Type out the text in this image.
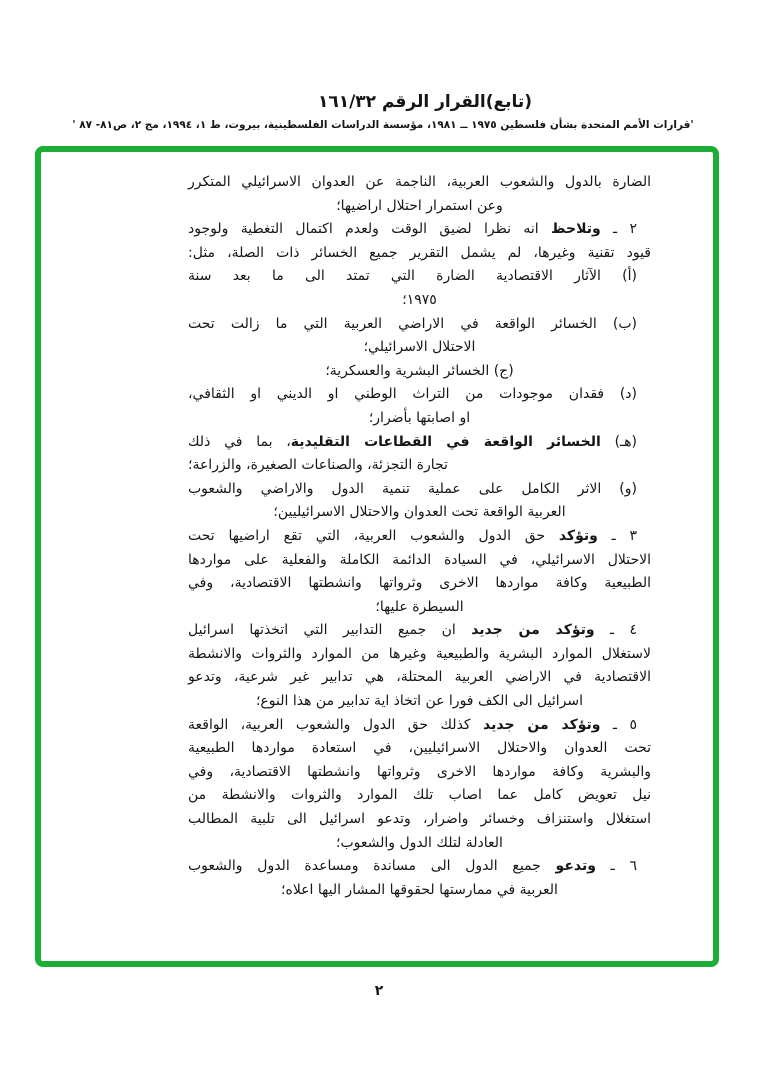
(تابع)القرار الرقم ١٦١/٣٢
'قرارات الأمم المتحدة بشأن فلسطين ١٩٧٥ ــ ١٩٨١، مؤسسة الدراسات الفلسطينية، بيروت، ط ١، ١٩٩٤، مج ٢، ص٨١- ٨٧ '
الضارة بالدول والشعوب العربية، الناجمة عن العدوان الاسرائيلي المتكرر
وعن استمرار احتلال اراضيها؛
٢ ـ وتلاحظ انه نظرا لضيق الوقت ولعدم اكتمال التغطية ولوجود
قيود تقنية وغيرها، لم يشمل التقرير جميع الخسائر ذات الصلة، مثل:
(أ) الآثار الاقتصادية الضارة التي تمتد الى ما بعد سنة
١٩٧٥؛
(ب) الخسائر الواقعة في الاراضي العربية التي ما زالت تحت
الاحتلال الاسرائيلي؛
(ج) الخسائر البشرية والعسكرية؛
(د) فقدان موجودات من التراث الوطني او الديني او الثقافي،
او اصابتها بأضرار؛
(هـ) الخسائر الواقعة في القطاعات التقليدية، بما في ذلك
تجارة التجزئة، والصناعات الصغيرة، والزراعة؛
(و) الاثر الكامل على عملية تنمية الدول والاراضي والشعوب
العربية الواقعة تحت العدوان والاحتلال الاسرائيليين؛
٣ ـ وتؤكد حق الدول والشعوب العربية، التي تقع اراضيها تحت
الاحتلال الاسرائيلي، في السيادة الدائمة الكاملة والفعلية على مواردها
الطبيعية وكافة مواردها الاخرى وثرواتها وانشطتها الاقتصادية، وفي
السيطرة عليها؛
٤ ـ وتؤكد من جديد ان جميع التدابير التي اتخذتها اسرائيل
لاستغلال الموارد البشرية والطبيعية وغيرها من الموارد والثروات والانشطة
الاقتصادية في الاراضي العربية المحتلة، هي تدابير غير شرعية، وتدعو
اسرائيل الى الكف فورا عن اتخاذ اية تدابير من هذا النوع؛
٥ ـ وتؤكد من جديد كذلك حق الدول والشعوب العربية، الواقعة
تحت العدوان والاحتلال الاسرائيليين، في استعادة مواردها الطبيعية
والبشرية وكافة مواردها الاخرى وثرواتها وانشطتها الاقتصادية، وفي
نيل تعويض كامل عما اصاب تلك الموارد والثروات والانشطة من
استغلال واستنزاف وخسائر واضرار، وتدعو اسرائيل الى تلبية المطالب
العادلة لتلك الدول والشعوب؛
٦ ـ وتدعو جميع الدول الى مساندة ومساعدة الدول والشعوب
العربية في ممارستها لحقوقها المشار اليها اعلاه؛
٢
